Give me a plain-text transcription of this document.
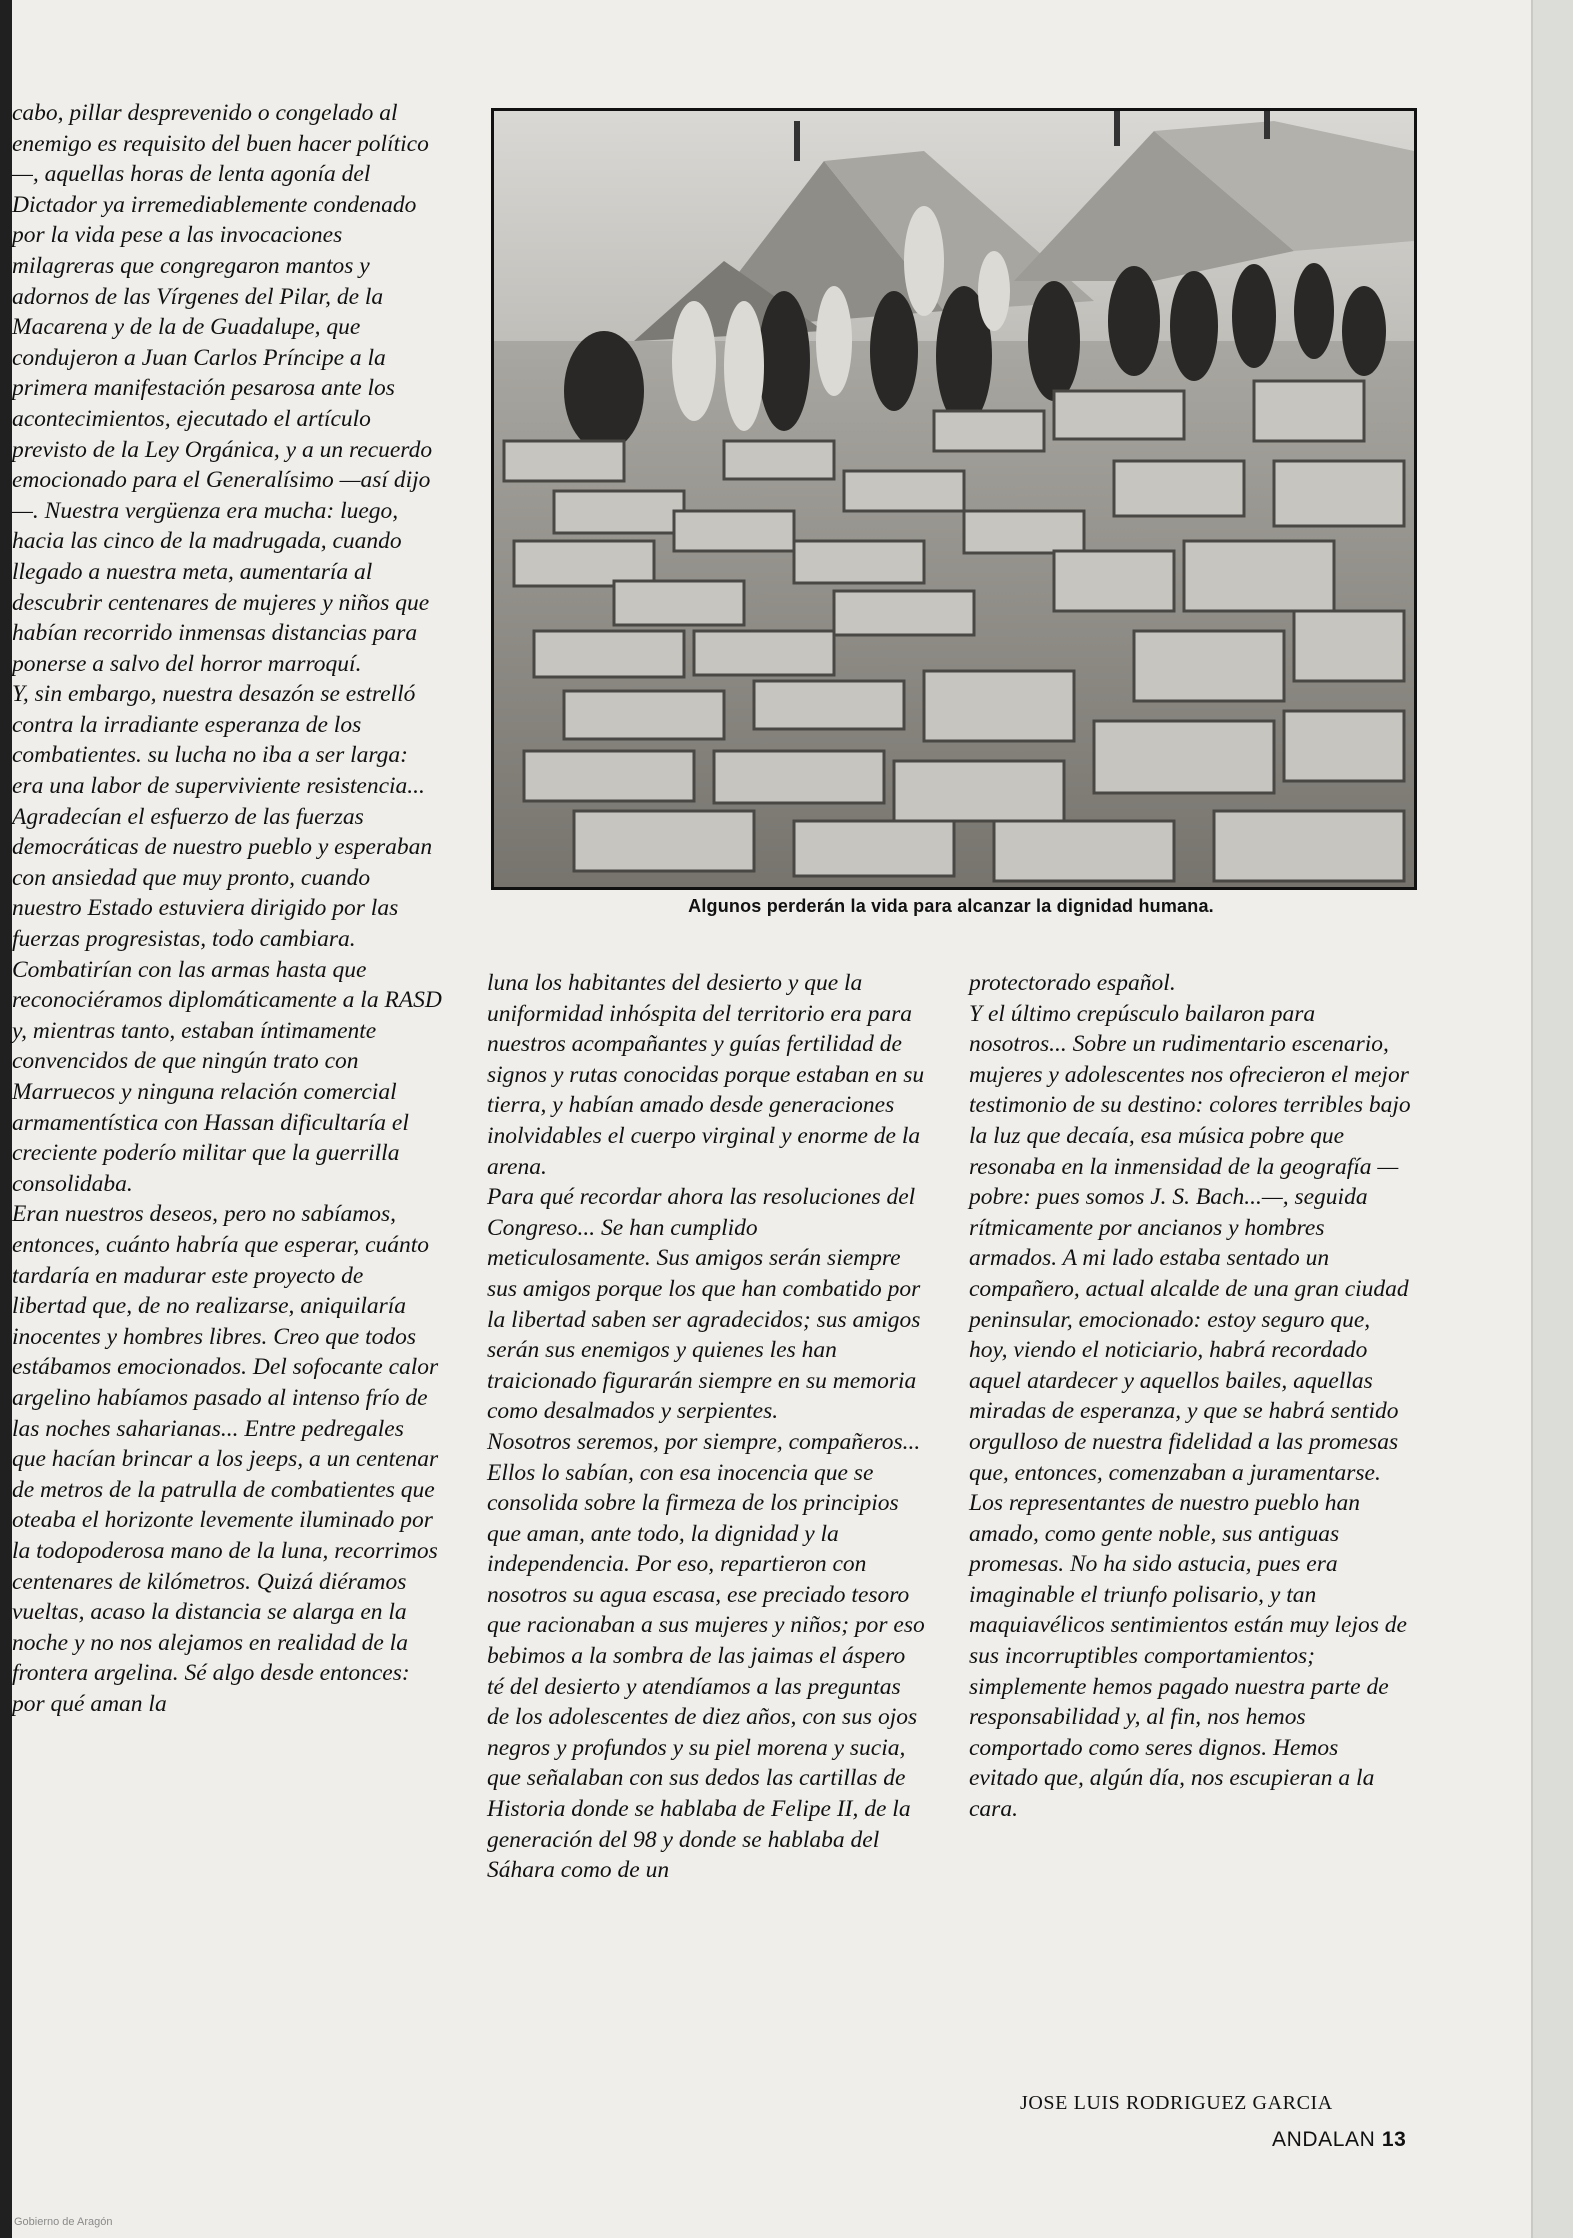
cabo, pillar desprevenido o congelado al enemigo es requisito del buen hacer político—, aquellas horas de lenta agonía del Dictador ya irremediablemente condenado por la vida pese a las invocaciones milagreras que congregaron mantos y adornos de las Vírgenes del Pilar, de la Macarena y de la de Guadalupe, que condujeron a Juan Carlos Príncipe a la primera manifestación pesarosa ante los acontecimientos, ejecutado el artículo previsto de la Ley Orgánica, y a un recuerdo emocionado para el Generalísimo —así dijo—. Nuestra vergüenza era mucha: luego, hacia las cinco de la madrugada, cuando llegado a nuestra meta, aumentaría al descubrir centenares de mujeres y niños que habían recorrido inmensas distancias para ponerse a salvo del horror marroquí.

Y, sin embargo, nuestra desazón se estrelló contra la irradiante esperanza de los combatientes. su lucha no iba a ser larga: era una labor de superviviente resistencia... Agradecían el esfuerzo de las fuerzas democráticas de nuestro pueblo y esperaban con ansiedad que muy pronto, cuando nuestro Estado estuviera dirigido por las fuerzas progresistas, todo cambiara. Combatirían con las armas hasta que reconociéramos diplomáticamente a la RASD y, mientras tanto, estaban íntimamente convencidos de que ningún trato con Marruecos y ninguna relación comercial armamentística con Hassan dificultaría el creciente poderío militar que la guerrilla consolidaba.

Eran nuestros deseos, pero no sabíamos, entonces, cuánto habría que esperar, cuánto tardaría en madurar este proyecto de libertad que, de no realizarse, aniquilaría inocentes y hombres libres. Creo que todos estábamos emocionados. Del sofocante calor argelino habíamos pasado al intenso frío de las noches saharianas... Entre pedregales que hacían brincar a los jeeps, a un centenar de metros de la patrulla de combatientes que oteaba el horizonte levemente iluminado por la todopoderosa mano de la luna, recorrimos centenares de kilómetros. Quizá diéramos vueltas, acaso la distancia se alarga en la noche y no nos alejamos en realidad de la frontera argelina. Sé algo desde entonces: por qué aman la

Algunos perderán la vida para alcanzar la dignidad humana.

luna los habitantes del desierto y que la uniformidad inhóspita del territorio era para nuestros acompañantes y guías fertilidad de signos y rutas conocidas porque estaban en su tierra, y habían amado desde generaciones inolvidables el cuerpo virginal y enorme de la arena.

Para qué recordar ahora las resoluciones del Congreso... Se han cumplido meticulosamente. Sus amigos serán siempre sus amigos porque los que han combatido por la libertad saben ser agradecidos; sus amigos serán sus enemigos y quienes les han traicionado figurarán siempre en su memoria como desalmados y serpientes.

Nosotros seremos, por siempre, compañeros... Ellos lo sabían, con esa inocencia que se consolida sobre la firmeza de los principios que aman, ante todo, la dignidad y la independencia. Por eso, repartieron con nosotros su agua escasa, ese preciado tesoro que racionaban a sus mujeres y niños; por eso bebimos a la sombra de las jaimas el áspero té del desierto y atendíamos a las preguntas de los adolescentes de diez años, con sus ojos negros y profundos y su piel morena y sucia, que señalaban con sus dedos las cartillas de Historia donde se hablaba de Felipe II, de la generación del 98 y donde se hablaba del Sáhara como de un

protectorado español.

Y el último crepúsculo bailaron para nosotros... Sobre un rudimentario escenario, mujeres y adolescentes nos ofrecieron el mejor testimonio de su destino: colores terribles bajo la luz que decaía, esa música pobre que resonaba en la inmensidad de la geografía —pobre: pues somos J. S. Bach...—, seguida rítmicamente por ancianos y hombres armados. A mi lado estaba sentado un compañero, actual alcalde de una gran ciudad peninsular, emocionado: estoy seguro que, hoy, viendo el noticiario, habrá recordado aquel atardecer y aquellos bailes, aquellas miradas de esperanza, y que se habrá sentido orgulloso de nuestra fidelidad a las promesas que, entonces, comenzaban a juramentarse.

Los representantes de nuestro pueblo han amado, como gente noble, sus antiguas promesas. No ha sido astucia, pues era imaginable el triunfo polisario, y tan maquiavélicos sentimientos están muy lejos de sus incorruptibles comportamientos; simplemente hemos pagado nuestra parte de responsabilidad y, al fin, nos hemos comportado como seres dignos. Hemos evitado que, algún día, nos escupieran a la cara.

JOSE LUIS RODRIGUEZ GARCIA
ANDALAN 13
Gobierno de Aragón
